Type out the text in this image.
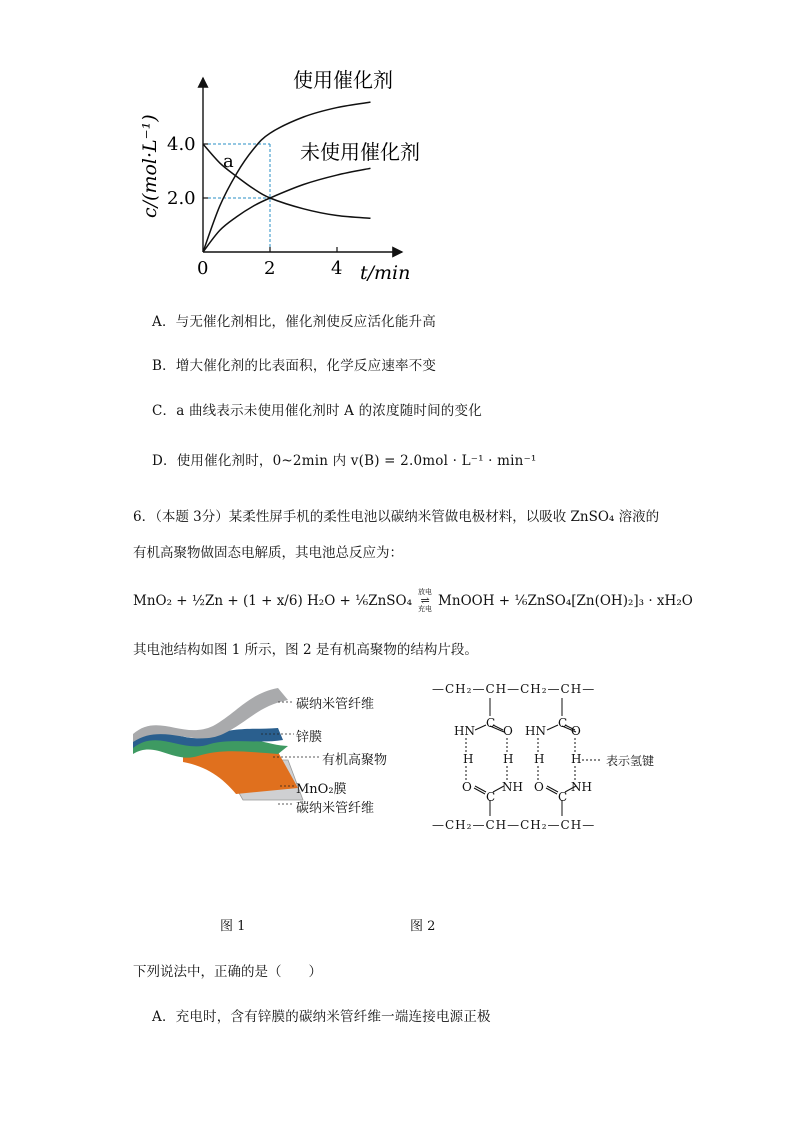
0	2	4
2.0
4.0
使用催化剂
未使用催化剂
a
t/min
c/(mol·L⁻¹)
A．与无催化剂相比，催化剂使反应活化能升高
B．增大催化剂的比表面积，化学反应速率不变
C．a 曲线表示未使用催化剂时 A 的浓度随时间的变化
D．使用催化剂时，0~2min 内 v(B) = 2.0mol · L⁻¹ · min⁻¹
6．（本题 3分）某柔性屏手机的柔性电池以碳纳米管做电极材料，以吸收 ZnSO₄ 溶液的
有机高聚物做固态电解质，其电池总反应为：
MnO₂ + ½Zn + (1 + x/6) H₂O + ⅙ZnSO₄
放电
⇌
充电
MnOOH + ⅙ZnSO₄[Zn(OH)₂]₃ · xH₂O
其电池结构如图 1 所示，图 2 是有机高聚物的结构片段。
碳纳米管纤维
锌膜
有机高聚物
MnO₂膜
碳纳米管纤维
—CH₂—CH—CH₂—CH—
—CH₂—CH—CH₂—CH—
C	C
C	C
HN O HN O
H H H H
O	NH O NH
表示氢键
图 1	图 2
下列说法中，正确的是（　　）
A．充电时，含有锌膜的碳纳米管纤维一端连接电源正极
